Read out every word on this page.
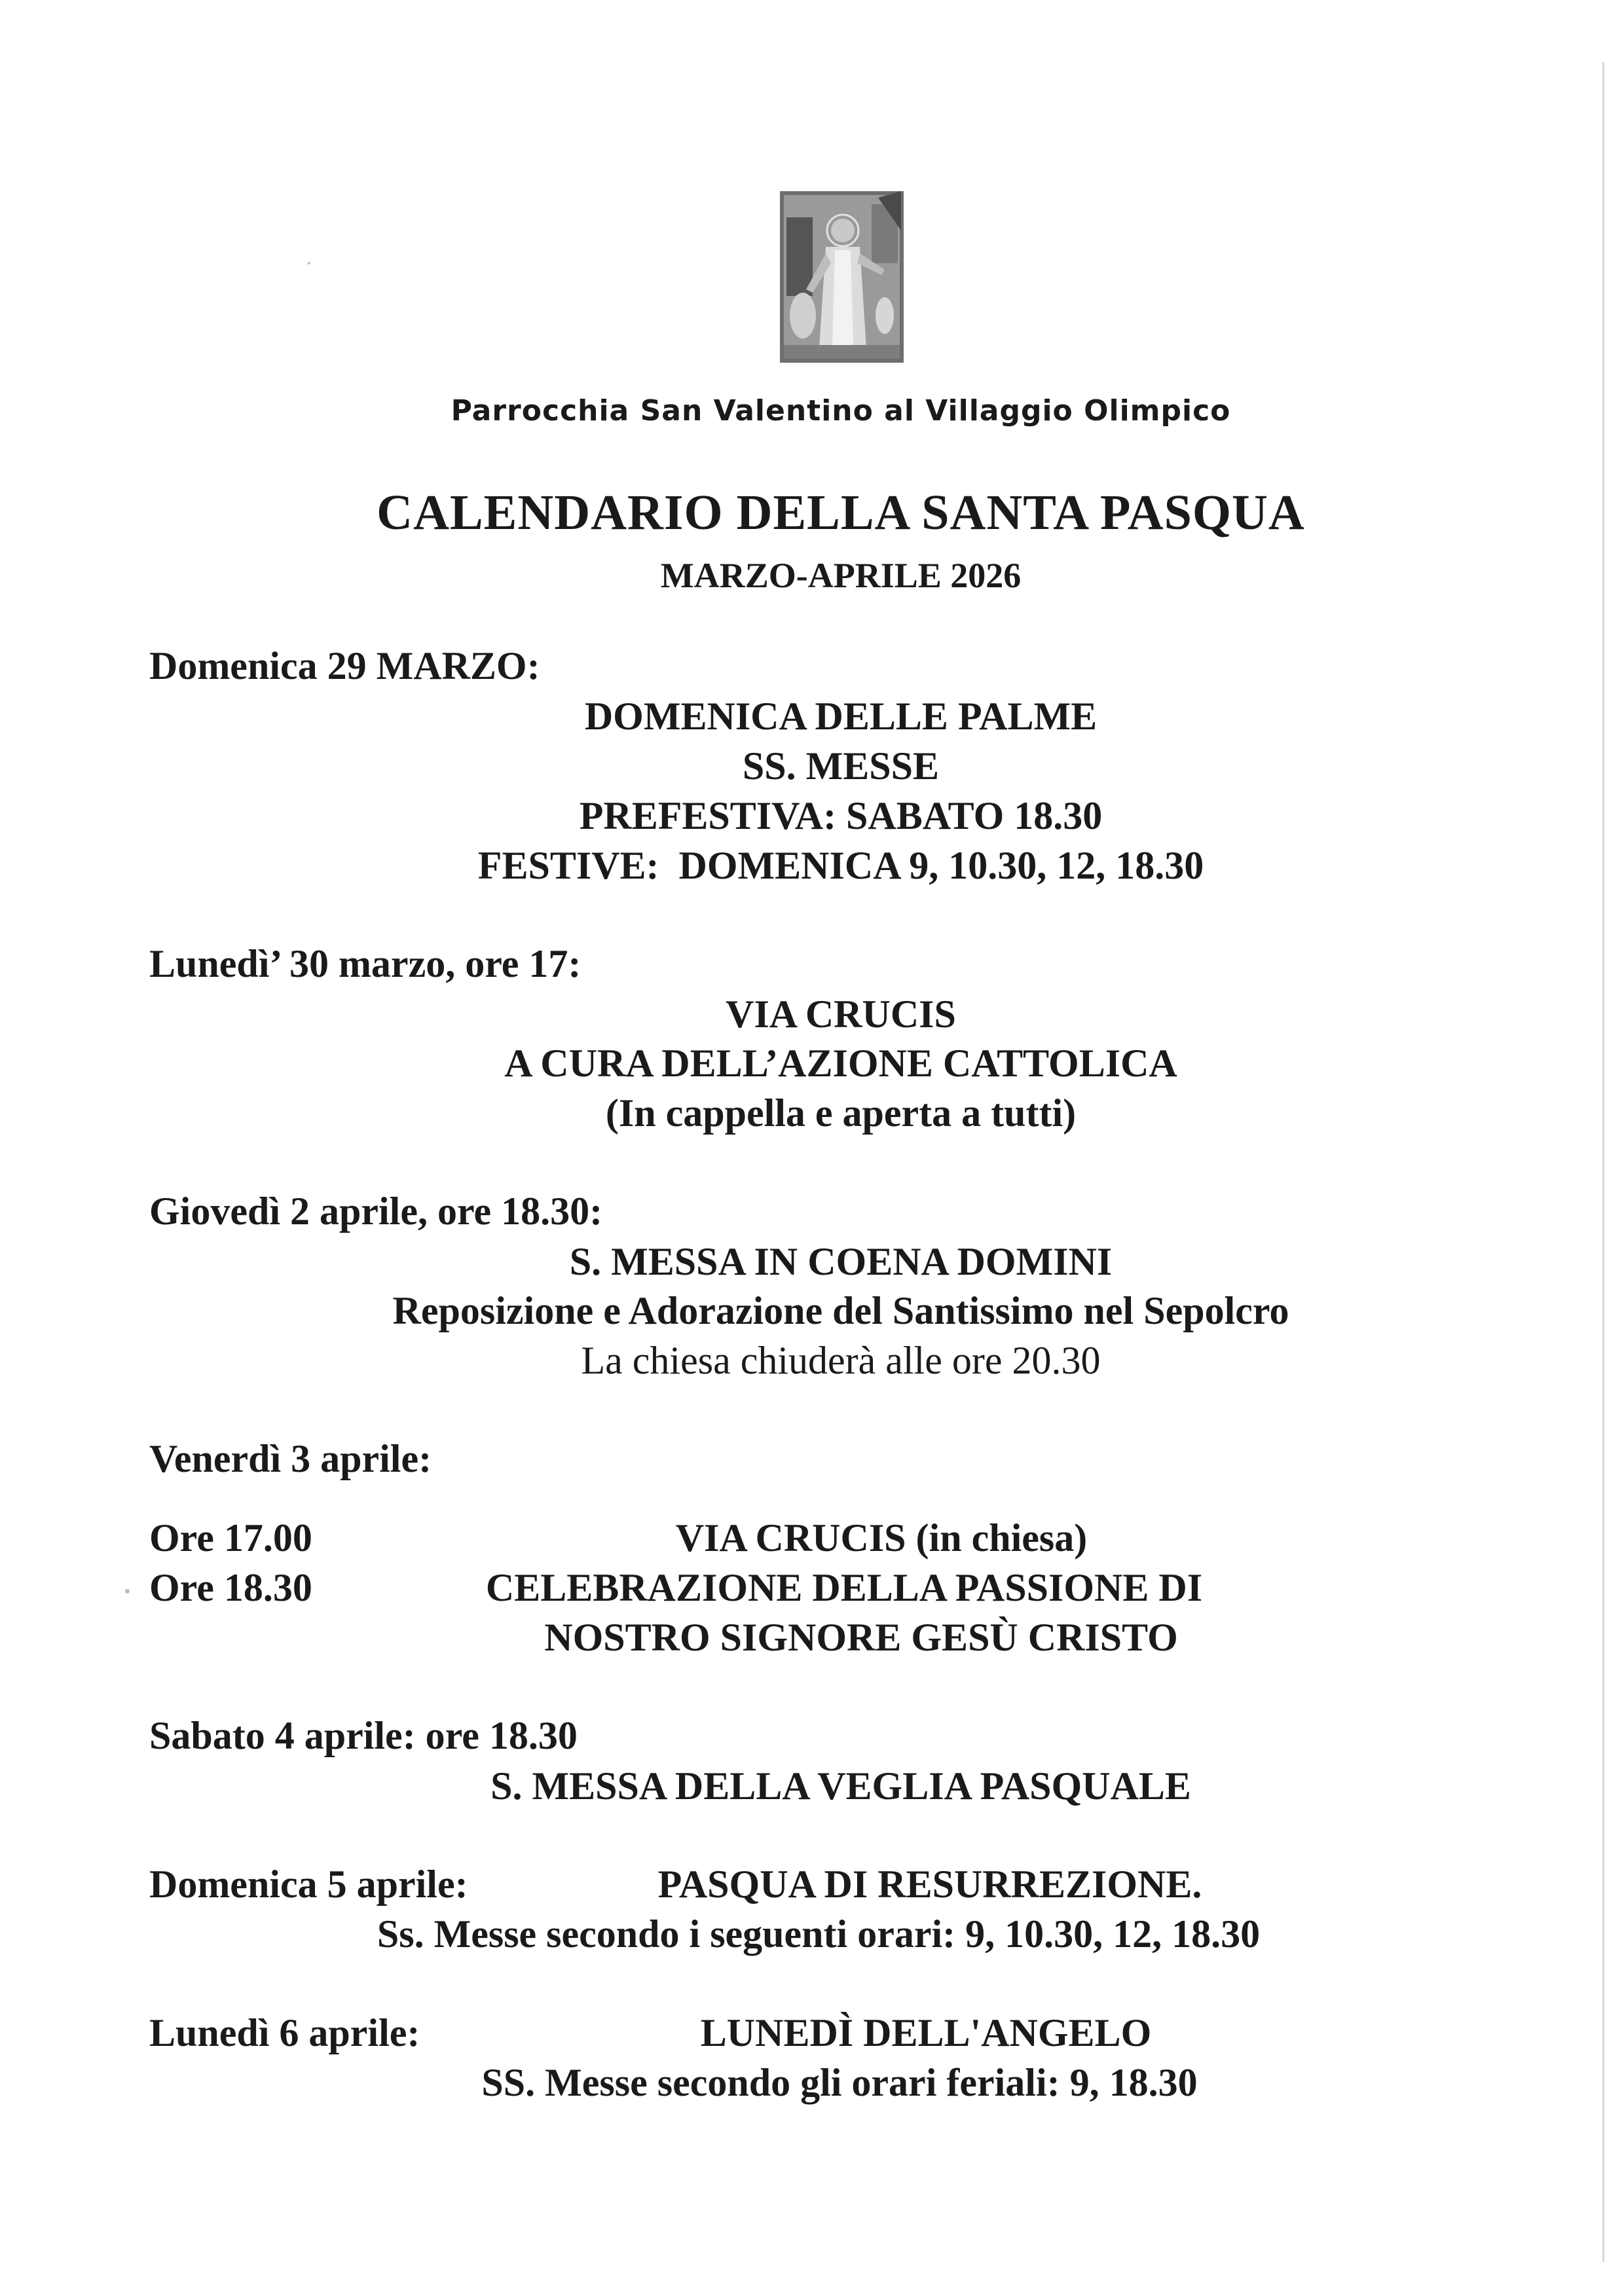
Parrocchia San Valentino al Villaggio Olimpico
CALENDARIO DELLA SANTA PASQUA
MARZO-APRILE 2026
Domenica 29 MARZO:
DOMENICA DELLE PALME
SS. MESSE
PREFESTIVA: SABATO 18.30
FESTIVE:  DOMENICA 9, 10.30, 12, 18.30
Lunedì’ 30 marzo, ore 17:
VIA CRUCIS
A CURA DELL’AZIONE CATTOLICA
(In cappella e aperta a tutti)
Giovedì 2 aprile, ore 18.30:
S. MESSA IN COENA DOMINI
Reposizione e Adorazione del Santissimo nel Sepolcro
La chiesa chiuderà alle ore 20.30
Venerdì 3 aprile:
Ore 17.00	VIA CRUCIS (in chiesa)
Ore 18.30	CELEBRAZIONE DELLA PASSIONE DI
NOSTRO SIGNORE GESÙ CRISTO
Sabato 4 aprile: ore 18.30
S. MESSA DELLA VEGLIA PASQUALE
Domenica 5 aprile:	PASQUA DI RESURREZIONE.
Ss. Messe secondo i seguenti orari: 9, 10.30, 12, 18.30
Lunedì 6 aprile:	LUNEDÌ DELL'ANGELO
SS. Messe secondo gli orari feriali: 9, 18.30
